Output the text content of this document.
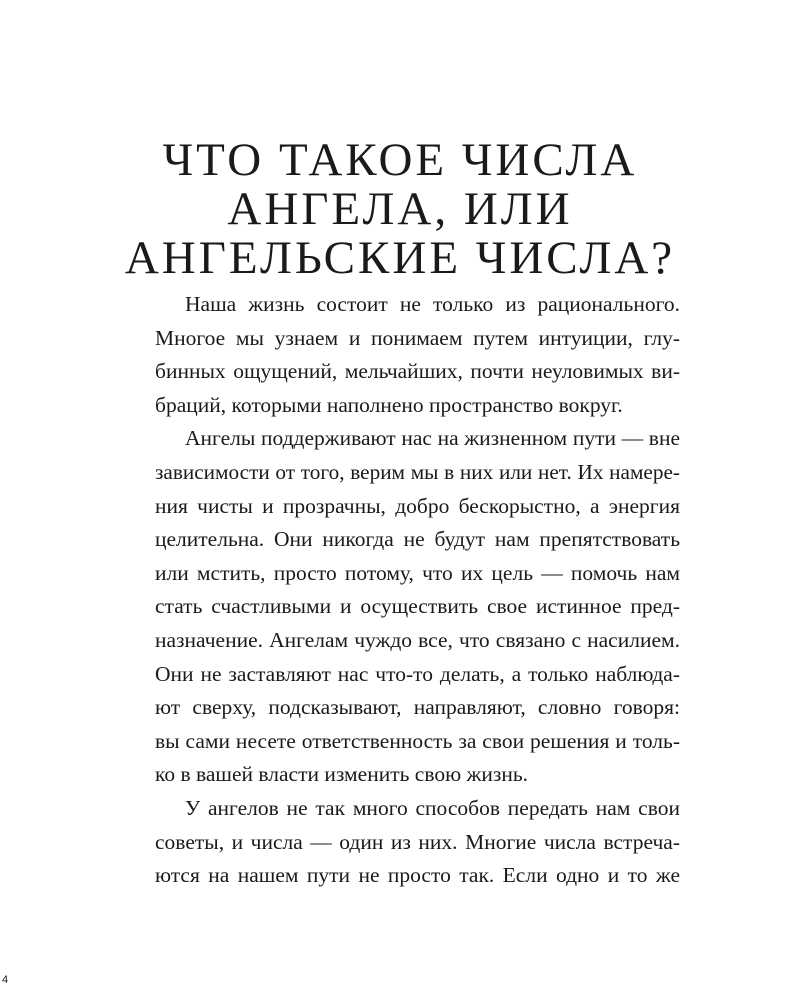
ЧТО ТАКОЕ ЧИСЛА
АНГЕЛА, ИЛИ
АНГЕЛЬСКИЕ ЧИСЛА?

Наша жизнь состоит не только из рационального.
Многое мы узнаем и понимаем путем интуиции, глу-
бинных ощущений, мельчайших, почти неуловимых ви-
браций, которыми наполнено пространство вокруг.

Ангелы поддерживают нас на жизненном пути — вне
зависимости от того, верим мы в них или нет. Их намере-
ния чисты и прозрачны, добро бескорыстно, а энергия
целительна. Они никогда не будут нам препятствовать
или мстить, просто потому, что их цель — помочь нам
стать счастливыми и осуществить свое истинное пред-
назначение. Ангелам чуждо все, что связано с насилием.
Они не заставляют нас что-то делать, а только наблюда-
ют сверху, подсказывают, направляют, словно говоря:
вы сами несете ответственность за свои решения и толь-
ко в вашей власти изменить свою жизнь.

У ангелов не так много способов передать нам свои
советы, и числа — один из них. Многие числа встреча-
ются на нашем пути не просто так. Если одно и то же

4
